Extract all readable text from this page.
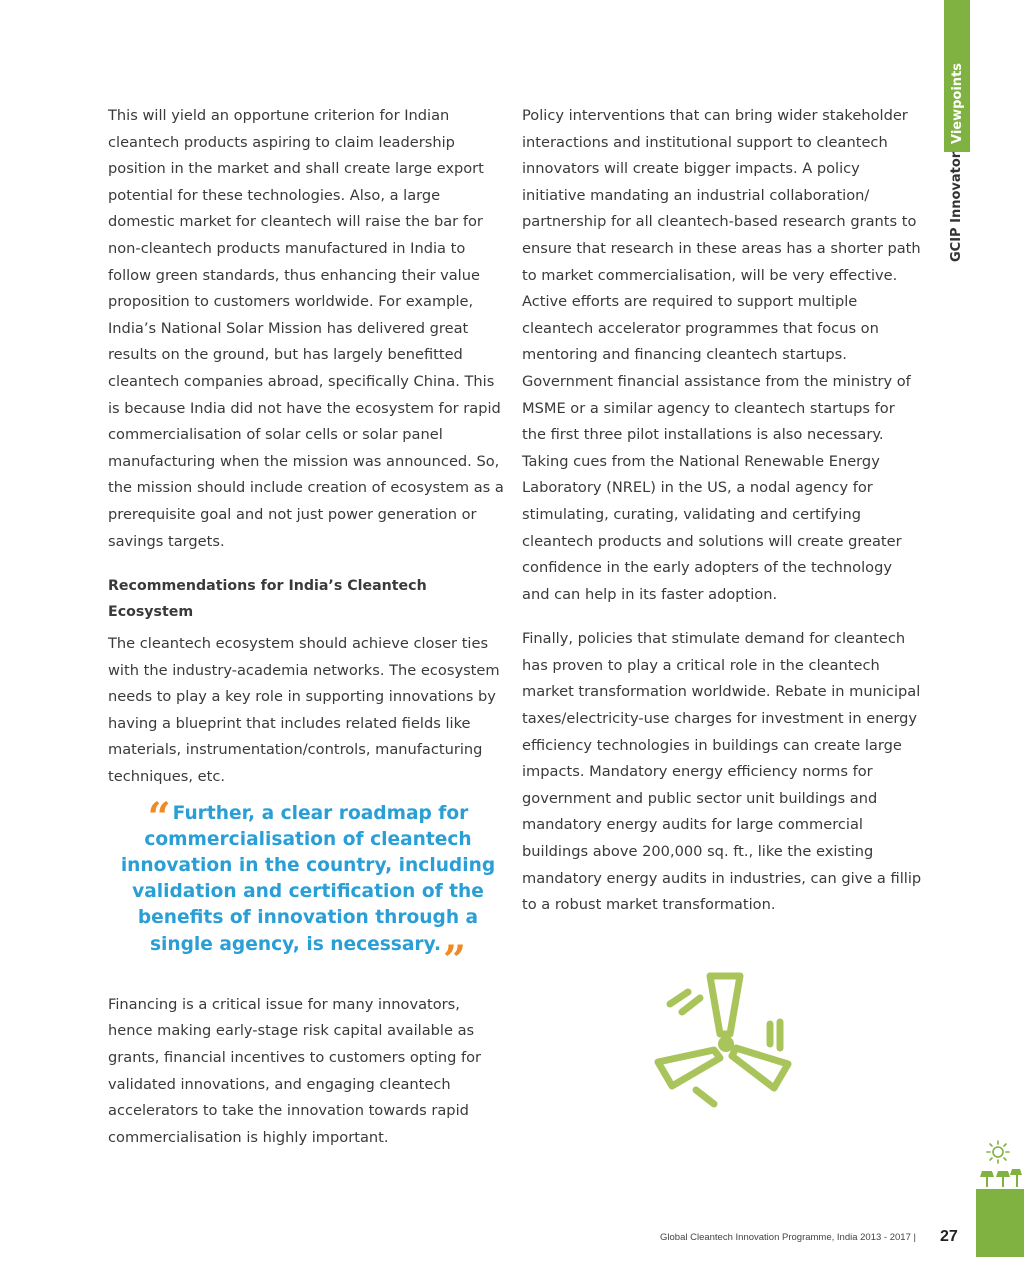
Viewpoints
GCIP Innovator

This will yield an opportune criterion for Indian cleantech products aspiring to claim leadership position in the market and shall create large export potential for these technologies. Also, a large domestic market for cleantech will raise the bar for non-cleantech products manufactured in India to follow green standards, thus enhancing their value proposition to customers worldwide. For example, India’s National Solar Mission has delivered great results on the ground, but has largely benefitted cleantech companies abroad, specifically China. This is because India did not have the ecosystem for rapid commercialisation of solar cells or solar panel manufacturing when the mission was announced. So, the mission should include creation of ecosystem as a prerequisite goal and not just power generation or savings targets.

Recommendations for India’s Cleantech Ecosystem

The cleantech ecosystem should achieve closer ties with the industry-academia networks. The ecosystem needs to play a key role in supporting innovations by having a blueprint that includes related fields like materials, instrumentation/controls, manufacturing techniques, etc.

“ Further, a clear roadmap for commercialisation of cleantech innovation in the country, including validation and certification of the benefits of innovation through a single agency, is necessary.”

Financing is a critical issue for many innovators, hence making early-stage risk capital available as grants, financial incentives to customers opting for validated innovations, and engaging cleantech accelerators to take the innovation towards rapid commercialisation is highly important.

Policy interventions that can bring wider stakeholder interactions and institutional support to cleantech innovators will create bigger impacts. A policy initiative mandating an industrial collaboration/ partnership for all cleantech-based research grants to ensure that research in these areas has a shorter path to market commercialisation, will be very effective. Active efforts are required to support multiple cleantech accelerator programmes that focus on mentoring and financing cleantech startups. Government financial assistance from the ministry of MSME or a similar agency to cleantech startups for the first three pilot installations is also necessary. Taking cues from the National Renewable Energy Laboratory (NREL) in the US, a nodal agency for stimulating, curating, validating and certifying cleantech products and solutions will create greater confidence in the early adopters of the technology and can help in its faster adoption.

Finally, policies that stimulate demand for cleantech has proven to play a critical role in the cleantech market transformation worldwide. Rebate in municipal taxes/electricity-use charges for investment in energy efficiency technologies in buildings can create large impacts. Mandatory energy efficiency norms for government and public sector unit buildings and mandatory energy audits for large commercial buildings above 200,000 sq. ft., like the existing mandatory energy audits in industries, can give a fillip to a robust market transformation.

Global Cleantech Innovation Programme, India 2013 - 2017 | 27
